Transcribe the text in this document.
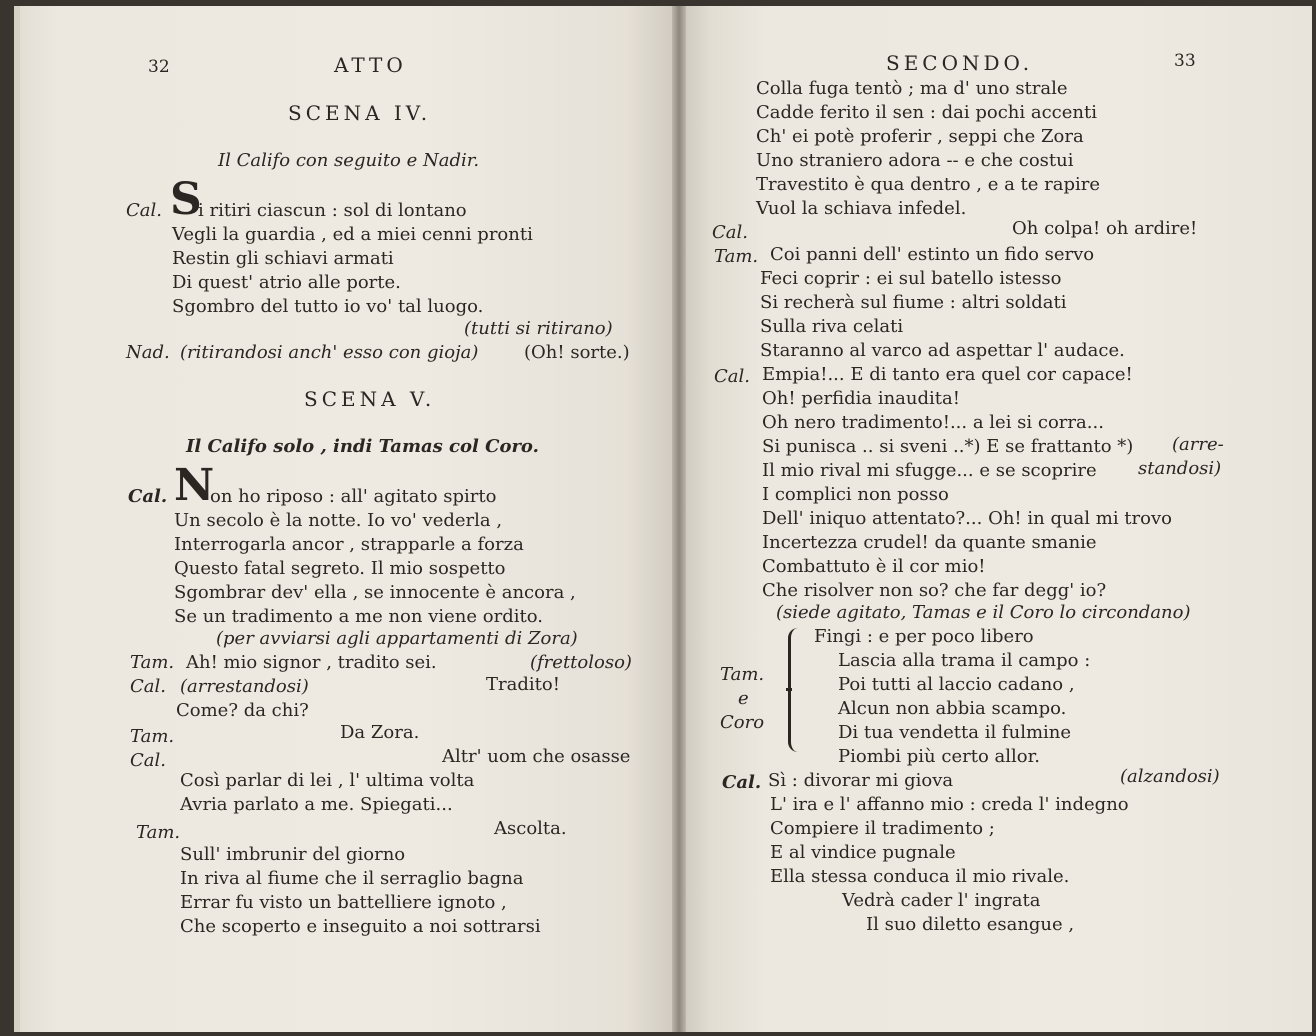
32	ATTO
SCENA IV.
Il Califo con seguito e Nadir.
Cal. S
i ritiri ciascun : sol di lontano
Vegli la guardia , ed a miei cenni pronti
Restin gli schiavi armati
Di quest' atrio alle porte.
Sgombro del tutto io vo' tal luogo.
(tutti si ritirano)
Nad. (ritirandosi anch' esso con gioja)	(Oh! sorte.)
SCENA V.
Il Califo solo , indi Tamas col Coro.
Cal. N
on ho riposo : all' agitato spirto
Un secolo è la notte. Io vo' vederla ,
Interrogarla ancor , strapparle a forza
Questo fatal segreto. Il mio sospetto
Sgombrar dev' ella , se innocente è ancora ,
Se un tradimento a me non viene ordito.
(per avviarsi agli appartamenti di Zora)
Tam. Ah! mio signor , tradito sei.	(frettoloso)
Cal. (arrestandosi)	Tradito!
Come? da chi?
Tam.	Da Zora.
Cal.	Altr' uom che osasse
Così parlar di lei , l' ultima volta
Avria parlato a me. Spiegati...
Tam.	Ascolta.
Sull' imbrunir del giorno
In riva al fiume che il serraglio bagna
Errar fu visto un battelliere ignoto ,
Che scoperto e inseguito a noi sottrarsi
SECONDO.	33
Colla fuga tentò ; ma d' uno strale
Cadde ferito il sen : dai pochi accenti
Ch' ei potè proferir , seppi che Zora
Uno straniero adora -- e che costui
Travestito è qua dentro , e a te rapire
Vuol la schiava infedel.
Cal.	Oh colpa! oh ardire!
Tam. Coi panni dell' estinto un fido servo
Feci coprir : ei sul batello istesso
Si recherà sul fiume : altri soldati
Sulla riva celati
Staranno al varco ad aspettar l' audace.
Cal. Empia!... E di tanto era quel cor capace!
Oh! perfidia inaudita!
Oh nero tradimento!... a lei si corra...
Si punisca .. si sveni ..*) E se frattanto *) (arre-
Il mio rival mi sfugge... e se scoprire standosi)
I complici non posso
Dell' iniquo attentato?... Oh! in qual mi trovo
Incertezza crudel! da quante smanie
Combattuto è il cor mio!
Che risolver non so? che far degg' io?
(siede agitato, Tamas e il Coro lo circondano)
Tam.
e
Coro
Fingi : e per poco libero
Lascia alla trama il campo :
Poi tutti al laccio cadano ,
Alcun non abbia scampo.
Di tua vendetta il fulmine
Piombi più certo allor.
Cal. Sì : divorar mi giova	(alzandosi)
L' ira e l' affanno mio : creda l' indegno
Compiere il tradimento ;
E al vindice pugnale
Ella stessa conduca il mio rivale.
Vedrà cader l' ingrata
Il suo diletto esangue ,
